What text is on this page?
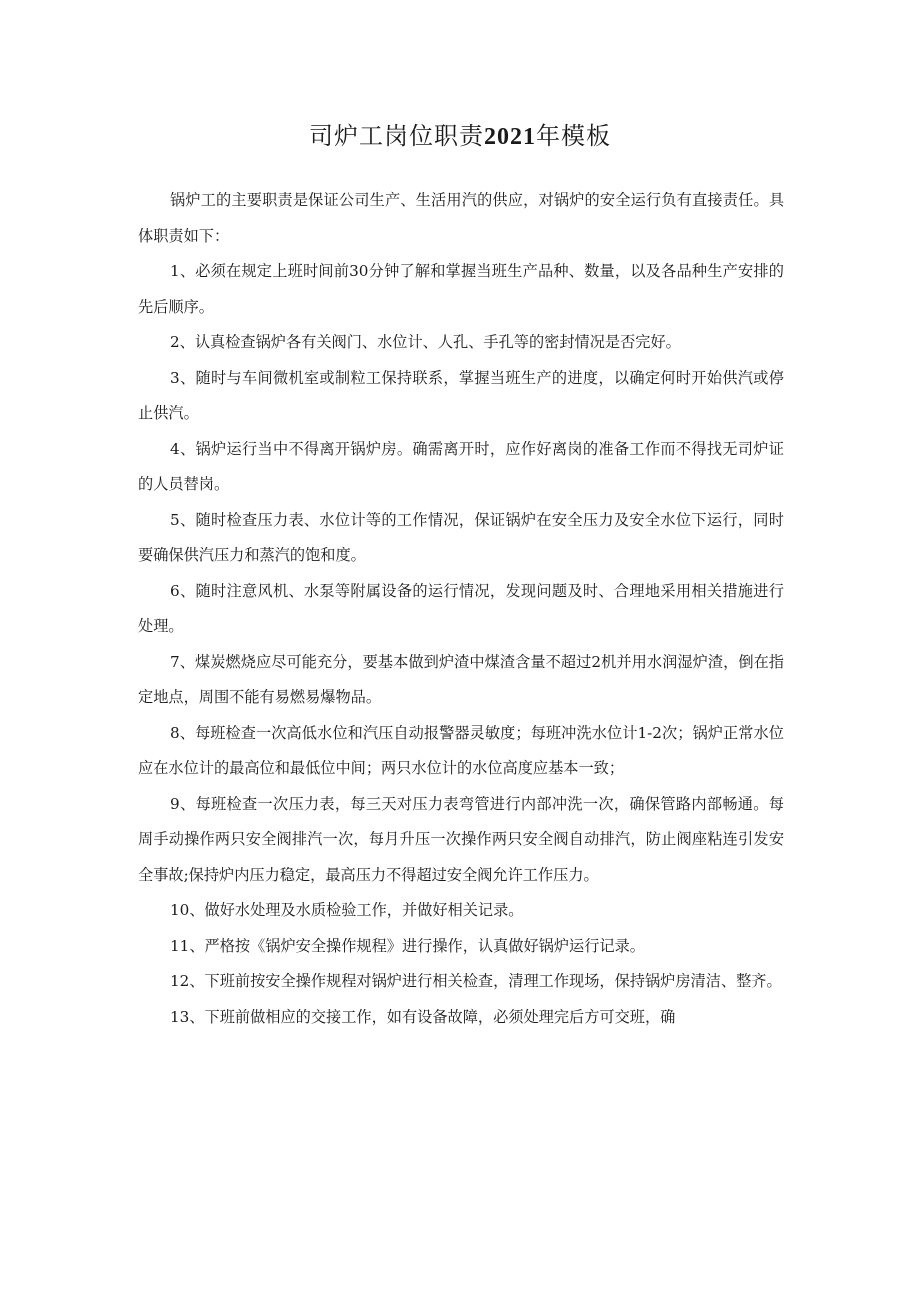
司炉工岗位职责2021年模板

锅炉工的主要职责是保证公司生产、生活用汽的供应，对锅炉的安全运行负有直接责任。具体职责如下：

1、必须在规定上班时间前30分钟了解和掌握当班生产品种、数量，以及各品种生产安排的先后顺序。

2、认真检查锅炉各有关阀门、水位计、人孔、手孔等的密封情况是否完好。

3、随时与车间微机室或制粒工保持联系，掌握当班生产的进度，以确定何时开始供汽或停止供汽。

4、锅炉运行当中不得离开锅炉房。确需离开时，应作好离岗的准备工作而不得找无司炉证的人员替岗。

5、随时检查压力表、水位计等的工作情况，保证锅炉在安全压力及安全水位下运行，同时要确保供汽压力和蒸汽的饱和度。

6、随时注意风机、水泵等附属设备的运行情况，发现问题及时、合理地采用相关措施进行处理。

7、煤炭燃烧应尽可能充分，要基本做到炉渣中煤渣含量不超过2机并用水润湿炉渣，倒在指定地点，周围不能有易燃易爆物品。

8、每班检查一次高低水位和汽压自动报警器灵敏度；每班冲洗水位计1-2次；锅炉正常水位应在水位计的最高位和最低位中间；两只水位计的水位高度应基本一致；

9、每班检查一次压力表，每三天对压力表弯管进行内部冲洗一次，确保管路内部畅通。每周手动操作两只安全阀排汽一次，每月升压一次操作两只安全阀自动排汽，防止阀座粘连引发安全事故;保持炉内压力稳定，最高压力不得超过安全阀允许工作压力。

10、做好水处理及水质检验工作，并做好相关记录。

11、严格按《锅炉安全操作规程》进行操作，认真做好锅炉运行记录。

12、下班前按安全操作规程对锅炉进行相关检查，清理工作现场，保持锅炉房清洁、整齐。

13、下班前做相应的交接工作，如有设备故障，必须处理完后方可交班，确
